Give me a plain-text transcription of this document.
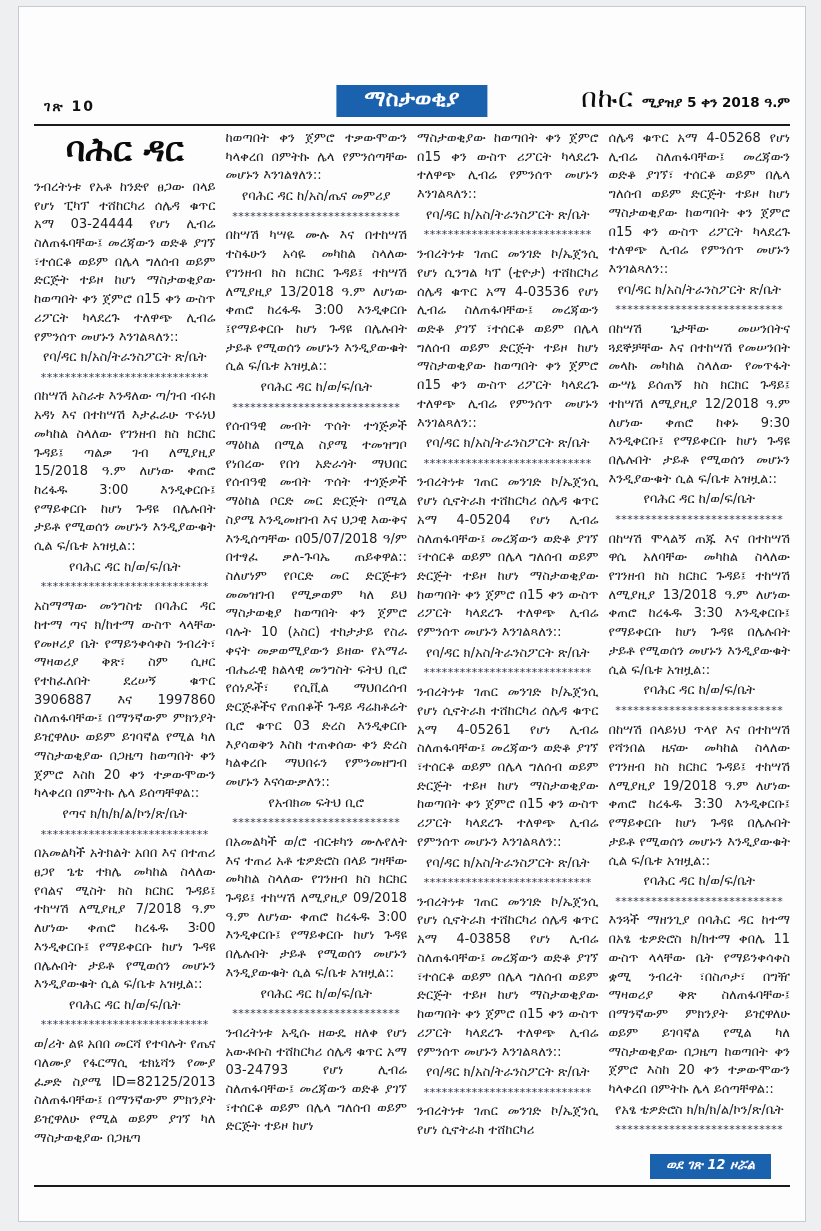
ገጽ 10	ማስታወቂያ	በኩር ሚያዝያ 5 ቀን 2018 ዓ.ም
ባሕር ዳር

ንብረትነቱ የአቶ ከንድየ ፀጋው በላይ የሆነ ፒካፕ ተሸከርካሪ ሰሌዳ ቁጥር አማ 03-24444 የሆነ ሊብሬ ስለጠፋባቸው፤ መረጃውን ወድቆ ያገኘ ፣ተሰርቆ ወይም በሌላ ግለሰብ ወይም ድርጅት ተይዞ ከሆነ ማስታወቂያው ከወጣበት ቀን ጀምሮ በ15 ቀን ውስጥ ሪፖርት ካላደረጉ ተለዋጭ ሊብሬ የምንሰጥ መሆኑን እንገልጻለን::

የባ/ዳር ክ/አስ/ትራንስፖርት ጽ/ቤት

****************************

በከሣሽ አስራቱ እንዳለው ጣ/ገብ ብሩክ አዳነ እና በተከሣሽ እታፈራሁ ጥሩነህ መካከል ስላለው የገንዘብ ክስ ክርክር ጉዳይ፤ ጣልቃ ገብ ለሚያዚያ 15/2018 ዓ.ም ለሆነው ቀጠሮ ከረፋዱ 3:00 እንዲቀርቡ፤ የማይቀርቡ ከሆነ ጉዳዩ በሌሉበት ታይቶ የሚወሰን መሆኑን እንዲያውቁት ሲል ፍ/ቤቱ አዝዟል::

የባሕር ዳር ከ/ወ/ፍ/ቤት

****************************

አስማማው መንግስቴ በባሕር ዳር ከተማ ጣና ክ/ከተማ ውስጥ ላላቸው የመዞሪያ ቤት የማይንቀሳቀስ ንብረት፣ ማዛወሪያ ቅጽ፣ ስም ሲዞር የተከፈለበት ደረሠኝ ቁጥር 3906887 እና 1997860 ስለጠፋባቸው፤ በማንኛውም ምክንያት ይዢዋለሁ ወይም ይገባኛል የሚል ካለ ማስታወቂያው በጋዜጣ ከወጣበት ቀን ጀምሮ እስከ 20 ቀን ተቃውሞውን ካላቀረበ በምትኩ ሌላ ይሰጣቸዋል::

የጣና ክ/ከ/ክ/ል/ኮን/ጽ/ቤት

****************************

በአመልካች አትክልት አበበ እና በተጠሪ ፀጋየ ጌቴ ተክሌ መካከል ስላለው የባልና ሚስት ክስ ክርክር ጉዳይ፤ ተከሣሽ ለሚያዚያ 7/2018 ዓ.ም ለሆነው ቀጠሮ ከረፋዱ 3፡00 እንዲቀርቡ፤ የማይቀርቡ ከሆነ ጉዳዩ በሌሉበት ታይቶ የሚወሰን መሆኑን እንዲያውቁት ሲል ፍ/ቤቱ አዝዟል::

የባሕር ዳር ከ/ወ/ፍ/ቤት

****************************

ወ/ሪት ልዩ አበበ መርሻ የተባሉት የጤና ባለሙያ የፋርማሲ ቴክኒሻን የሙያ ፈቃድ ስያሜ ID=82125/2013 ስለጠፋባቸው፤ በማንኛውም ምክንያት ይዢዋለሁ የሚል ወይም ያገኘ ካለ ማስታወቂያው በጋዜጣ

ከወጣበት ቀን ጀምሮ ተቃውሞውን ካላቀረበ በምትኩ ሌላ የምንሰጣቸው መሆኑን እንገልፃለን::

የባሕር ዳር ከ/አስ/ጤና መምሪያ

****************************

በከሣሽ ካሣዬ ሙሉ እና በተከሣሽ ተስፋሁን አሳዬ መካከል ስላለው የገንዘብ ክስ ክርክር ጉዳይ፤ ተከሣሽ ለሚያዚያ 13/2018 ዓ.ም ለሆነው ቀጠሮ ከረፋዱ 3:00 እንዲቀርቡ ፤የማይቀርቡ ከሆነ ጉዳዩ በሌሉበት ታይቶ የሚወሰን መሆኑን እንዲያውቁት ሲል ፍ/ቤቱ አዝዟል::

የባሕር ዳር ከ/ወ/ፍ/ቤት

****************************

የሰብዓዊ መብት ጥሰት ተጎጅዎች ማዕከል በሚል ስያሜ ተመዝግቦ የነበረው የበጎ አድራጎት ማህበር የሰብዓዊ መብት ጥሰት ተጎጅዎች ማዕከል ቦርድ መር ድርጅት በሚል ስያሜ እንዲመዘገብ እና ህጋዊ እውቅና እንዲሰጣቸው በ05/07/2018 ዓ/ም በተፃፈ ቃለ-ጉባኤ ጠይቀዋል:: ስለሆነም የቦርድ መር ድርጅቱን መመዝገብ የሚቃወም ካለ ይህ ማስታወቂያ ከወጣበት ቀን ጀምሮ ባሉት 10 (አስር) ተከታታይ የስራ ቀናት መቃወሚያውን ይዘው የአማራ ብሔራዊ ክልላዊ መንግስት ፍትህ ቢሮ የሰነዶች፣ የሲቪል ማህበረሰብ ድርጅቶችና የጠበቆች ጉዳይ ዳሬክቶሬት ቢሮ ቁጥር 03 ድረስ እንዲቀርቡ እያሳወቅን እስከ ተጠቀሰው ቀን ድረስ ካልቀረቡ ማህበሩን የምንመዘግብ መሆኑን እናሳውቃለን::

የአብክመ ፍትህ ቢሮ

****************************

በአመልካች ወ/ሮ ብርቱካን ሙሉየለት እና ተጠሪ አቶ ቴዎድሮስ በላይ ግዛቸው መካከል ስላለው የገንዘብ ክስ ክርክር ጉዳይ፤ ተከሣሽ ለሚያዚያ 09/2018 ዓ.ም ለሆነው ቀጠሮ ከረፋዱ 3:00 እንዲቀርቡ፤ የማይቀርቡ ከሆነ ጉዳዩ በሌሉበት ታይቶ የሚወሰን መሆኑን እንዲያውቁት ሲል ፍ/ቤቱ አዝዟል::

የባሕር ዳር ከ/ወ/ፍ/ቤት

****************************

ንብረትነቱ አዲሱ ዘውዴ ዘለቀ የሆነ አውቶቡስ ተሸከርካሪ ሰሌዳ ቁጥር አማ 03-24793 የሆነ ሊብሬ ስለጠፋባቸው፤ መረጃውን ወድቆ ያገኘ ፣ተሰርቆ ወይም በሌላ ግለሰብ ወይም ድርጅት ተይዞ ከሆነ

ማስታወቂያው ከወጣበት ቀን ጀምሮ በ15 ቀን ውስጥ ሪፖርት ካላደረጉ ተለዋጭ ሊብሬ የምንሰጥ መሆኑን እንገልጻለን::

የባ/ዳር ክ/አስ/ትራንስፖርት ጽ/ቤት

****************************

ንብረትነቱ ገጠር መንገድ ኮ/ኤጀንሲ የሆነ ሲንግል ካፕ (ቲዮታ) ተሸከርካሪ ሰሌዳ ቁጥር አማ 4-03536 የሆነ ሊብሬ ስለጠፋባቸው፤ መረጃውን ወድቆ ያገኘ ፣ተሰርቆ ወይም በሌላ ግለሰብ ወይም ድርጅት ተይዞ ከሆነ ማስታወቂያው ከወጣበት ቀን ጀምሮ በ15 ቀን ውስጥ ሪፖርት ካላደረጉ ተለዋጭ ሊብሬ የምንሰጥ መሆኑን እንገልጻለን::

የባ/ዳር ክ/አስ/ትራንስፖርት ጽ/ቤት

****************************

ንብረትነቱ ገጠር መንገድ ኮ/ኤጀንሲ የሆነ ሲኖትራክ ተሸከርካሪ ሰሌዳ ቁጥር አማ 4-05204 የሆነ ሊብሬ ስለጠፋባቸው፤ መረጃውን ወድቆ ያገኘ ፣ተሰርቆ ወይም በሌላ ግለሰብ ወይም ድርጅት ተይዞ ከሆነ ማስታወቂያው ከወጣበት ቀን ጀምሮ በ15 ቀን ውስጥ ሪፖርት ካላደረጉ ተለዋጭ ሊብሬ የምንሰጥ መሆኑን እንገልጻለን::

የባ/ዳር ክ/አስ/ትራንስፖርት ጽ/ቤት

****************************

ንብረትነቱ ገጠር መንገድ ኮ/ኤጀንሲ የሆነ ሲኖትራክ ተሸከርካሪ ሰሌዳ ቁጥር አማ 4-05261 የሆነ ሊብሬ ስለጠፋባቸው፤ መረጃውን ወድቆ ያገኘ ፣ተሰርቆ ወይም በሌላ ግለሰብ ወይም ድርጅት ተይዞ ከሆነ ማስታወቂያው ከወጣበት ቀን ጀምሮ በ15 ቀን ውስጥ ሪፖርት ካላደረጉ ተለዋጭ ሊብሬ የምንሰጥ መሆኑን እንገልጻለን::

የባ/ዳር ክ/አስ/ትራንስፖርት ጽ/ቤት

****************************

ንብረትነቱ ገጠር መንገድ ኮ/ኤጀንሲ የሆነ ሲኖትራክ ተሸከርካሪ ሰሌዳ ቁጥር አማ 4-03858 የሆነ ሊብሬ ስለጠፋባቸው፤ መረጃውን ወድቆ ያገኘ ፣ተሰርቆ ወይም በሌላ ግለሰብ ወይም ድርጅት ተይዞ ከሆነ ማስታወቂያው ከወጣበት ቀን ጀምሮ በ15 ቀን ውስጥ ሪፖርት ካላደረጉ ተለዋጭ ሊብሬ የምንሰጥ መሆኑን እንገልጻለን::

የባ/ዳር ክ/አስ/ትራንስፖርት ጽ/ቤት

****************************

ንብረትነቱ ገጠር መንገድ ኮ/ኤጀንሲ የሆነ ሲኖትራክ ተሸከርካሪ

ሰሌዳ ቁጥር አማ 4-05268 የሆነ ሊብሬ ስለጠፋባቸው፤ መረጃውን ወድቆ ያገኘ፣ ተሰርቆ ወይም በሌላ ግለሰብ ወይም ድርጅት ተይዞ ከሆነ ማስታወቂያው ከወጣበት ቀን ጀምሮ በ15 ቀን ውስጥ ሪፖርት ካላደረጉ ተለዋጭ ሊብሬ የምንሰጥ መሆኑን እንገልጻለን::

የባ/ዳር ክ/አስ/ትራንስፖርት ጽ/ቤት

****************************

በከሣሽ ጌታቸው መሠንበትና ጓደኞቻቸው እና በተከሣሽ የመሠንበት መላኩ መካከል ስላለው የመጥፋት ውሣኔ ይሰጠኝ ክስ ክርክር ጉዳይ፤ ተከሣሽ ለሚያዚያ 12/2018 ዓ.ም ለሆነው ቀጠሮ ከቀኑ 9:30 እንዲቀርቡ፤ የማይቀርቡ ከሆነ ጉዳዩ በሌሉበት ታይቶ የሚወሰን መሆኑን እንዲያውቁት ሲል ፍ/ቤቱ አዝዟል::

የባሕር ዳር ከ/ወ/ፍ/ቤት

****************************

በከሣሽ ሞላልኝ ጠጁ እና በተከሣሽ ዋሴ አለባቸው መካከል ስላለው የገንዘብ ክስ ክርክር ጉዳይ፤ ተከሣሽ ለሚያዚያ 13/2018 ዓ.ም ለሆነው ቀጠሮ ከረፋዱ 3:30 እንዲቀርቡ፤ የማይቀርቡ ከሆነ ጉዳዩ በሌሉበት ታይቶ የሚወሰን መሆኑን እንዲያውቁት ሲል ፍ/ቤቱ አዝዟል::

የባሕር ዳር ከ/ወ/ፍ/ቤት

****************************

በከሣሽ በላይነህ ጥላየ እና በተከሣሽ የሻንበል ዜናው መካከል ስላለው የገንዘብ ክስ ክርክር ጉዳይ፤ ተከሣሽ ለሚያዚያ 19/2018 ዓ.ም ለሆነው ቀጠሮ ከረፋዱ 3:30 እንዲቀርቡ፤ የማይቀርቡ ከሆነ ጉዳዩ በሌሉበት ታይቶ የሚወሰን መሆኑን እንዲያውቁት ሲል ፍ/ቤቱ አዝዟል::

የባሕር ዳር ከ/ወ/ፍ/ቤት

****************************

እንጓች ማዘንጊያ በባሕር ዳር ከተማ በአፄ ቴዎድሮስ ክ/ከተማ ቀበሌ 11 ውስጥ ላላቸው ቤት የማይንቀሳቀስ ቋሚ ንብረት ፣በስጦታ፣ በግዥ ማዛወሪያ ቅጽ ስለጠፋባቸው፤ በማንኛውም ምክንያት ይዢዋለሁ ወይም ይገባኛል የሚል ካለ ማስታወቂያው በጋዜጣ ከወጣበት ቀን ጀምሮ እስከ 20 ቀን ተቃውሞውን ካላቀረበ በምትኩ ሌላ ይሰጣቸዋል::

የአፄ ቴዎድሮስ ክ/ክ/ክ/ል/ኮን/ጽ/ቤት

****************************
ወደ ገጽ 12 ዞሯል
